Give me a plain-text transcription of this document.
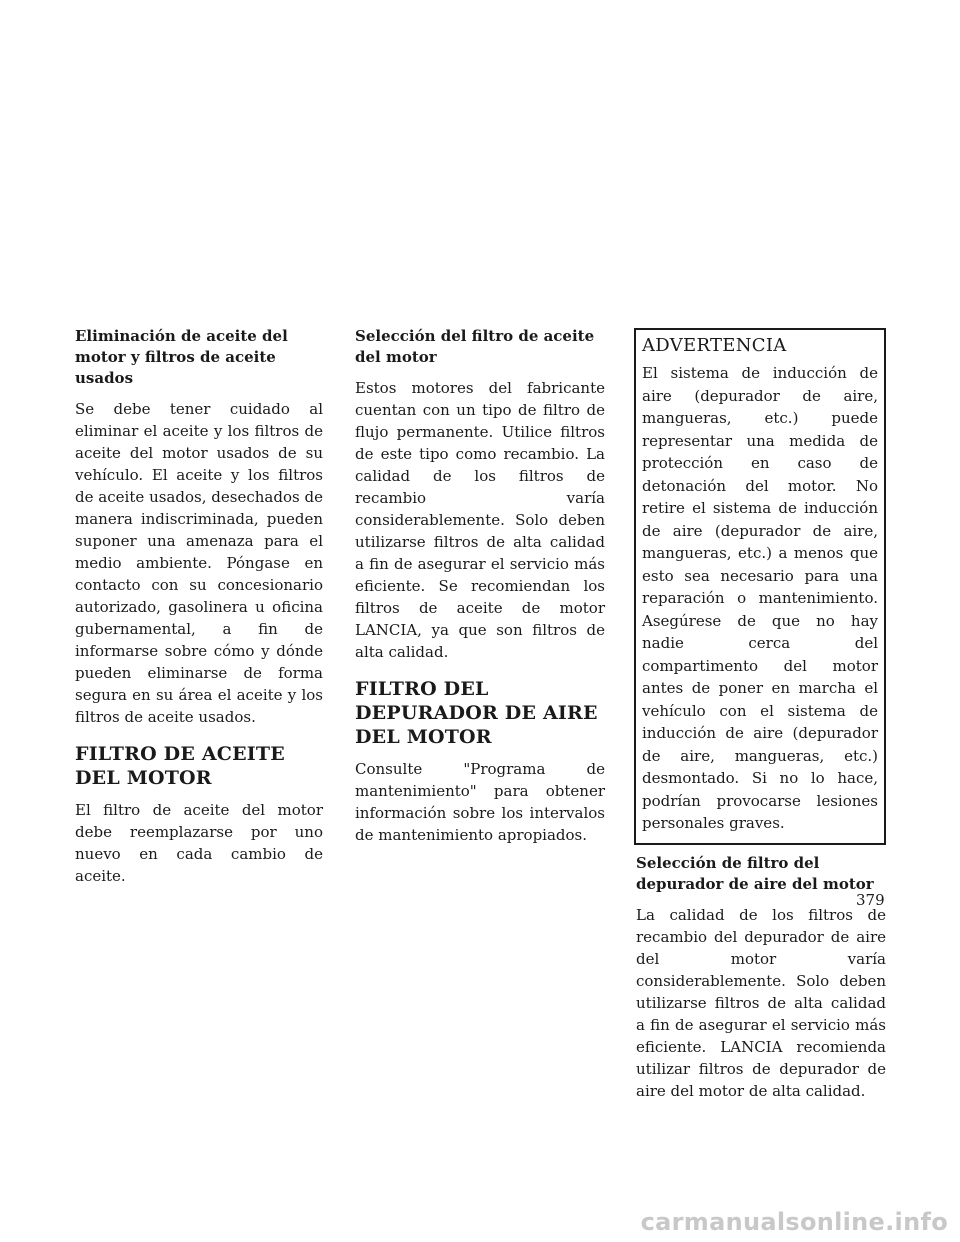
Eliminación de aceite del motor y filtros de aceite usados
Se debe tener cuidado al eliminar el aceite y los filtros de aceite del motor usados de su vehículo. El aceite y los filtros de aceite usados, desechados de manera indiscriminada, pueden suponer una amenaza para el medio ambiente. Póngase en contacto con su concesionario autorizado, gasolinera u oficina gubernamental, a fin de informarse sobre cómo y dónde pueden eliminarse de forma segura en su área el aceite y los filtros de aceite usados.
FILTRO DE ACEITE DEL MOTOR
El filtro de aceite del motor debe reemplazarse por uno nuevo en cada cambio de aceite.
Selección del filtro de aceite del motor
Estos motores del fabricante cuentan con un tipo de filtro de flujo permanente. Utilice filtros de este tipo como recambio. La calidad de los filtros de recambio varía considerablemente. Solo deben utilizarse filtros de alta calidad a fin de asegurar el servicio más eficiente. Se recomiendan los filtros de aceite de motor LANCIA, ya que son filtros de alta calidad.
FILTRO DEL DEPURADOR DE AIRE DEL MOTOR
Consulte "Programa de mantenimiento" para obtener información sobre los intervalos de mantenimiento apropiados.
ADVERTENCIA
El sistema de inducción de aire (depurador de aire, mangueras, etc.) puede representar una medida de protección en caso de detonación del motor. No retire el sistema de inducción de aire (depurador de aire, mangueras, etc.) a menos que esto sea necesario para una reparación o mantenimiento. Asegúrese de que no hay nadie cerca del compartimento del motor antes de poner en marcha el vehículo con el sistema de inducción de aire (depurador de aire, mangueras, etc.) desmontado. Si no lo hace, podrían provocarse lesiones personales graves.
Selección de filtro del depurador de aire del motor
La calidad de los filtros de recambio del depurador de aire del motor varía considerablemente. Solo deben utilizarse filtros de alta calidad a fin de asegurar el servicio más eficiente. LANCIA recomienda utilizar filtros de depurador de aire del motor de alta calidad.
379
carmanualsonline.info
